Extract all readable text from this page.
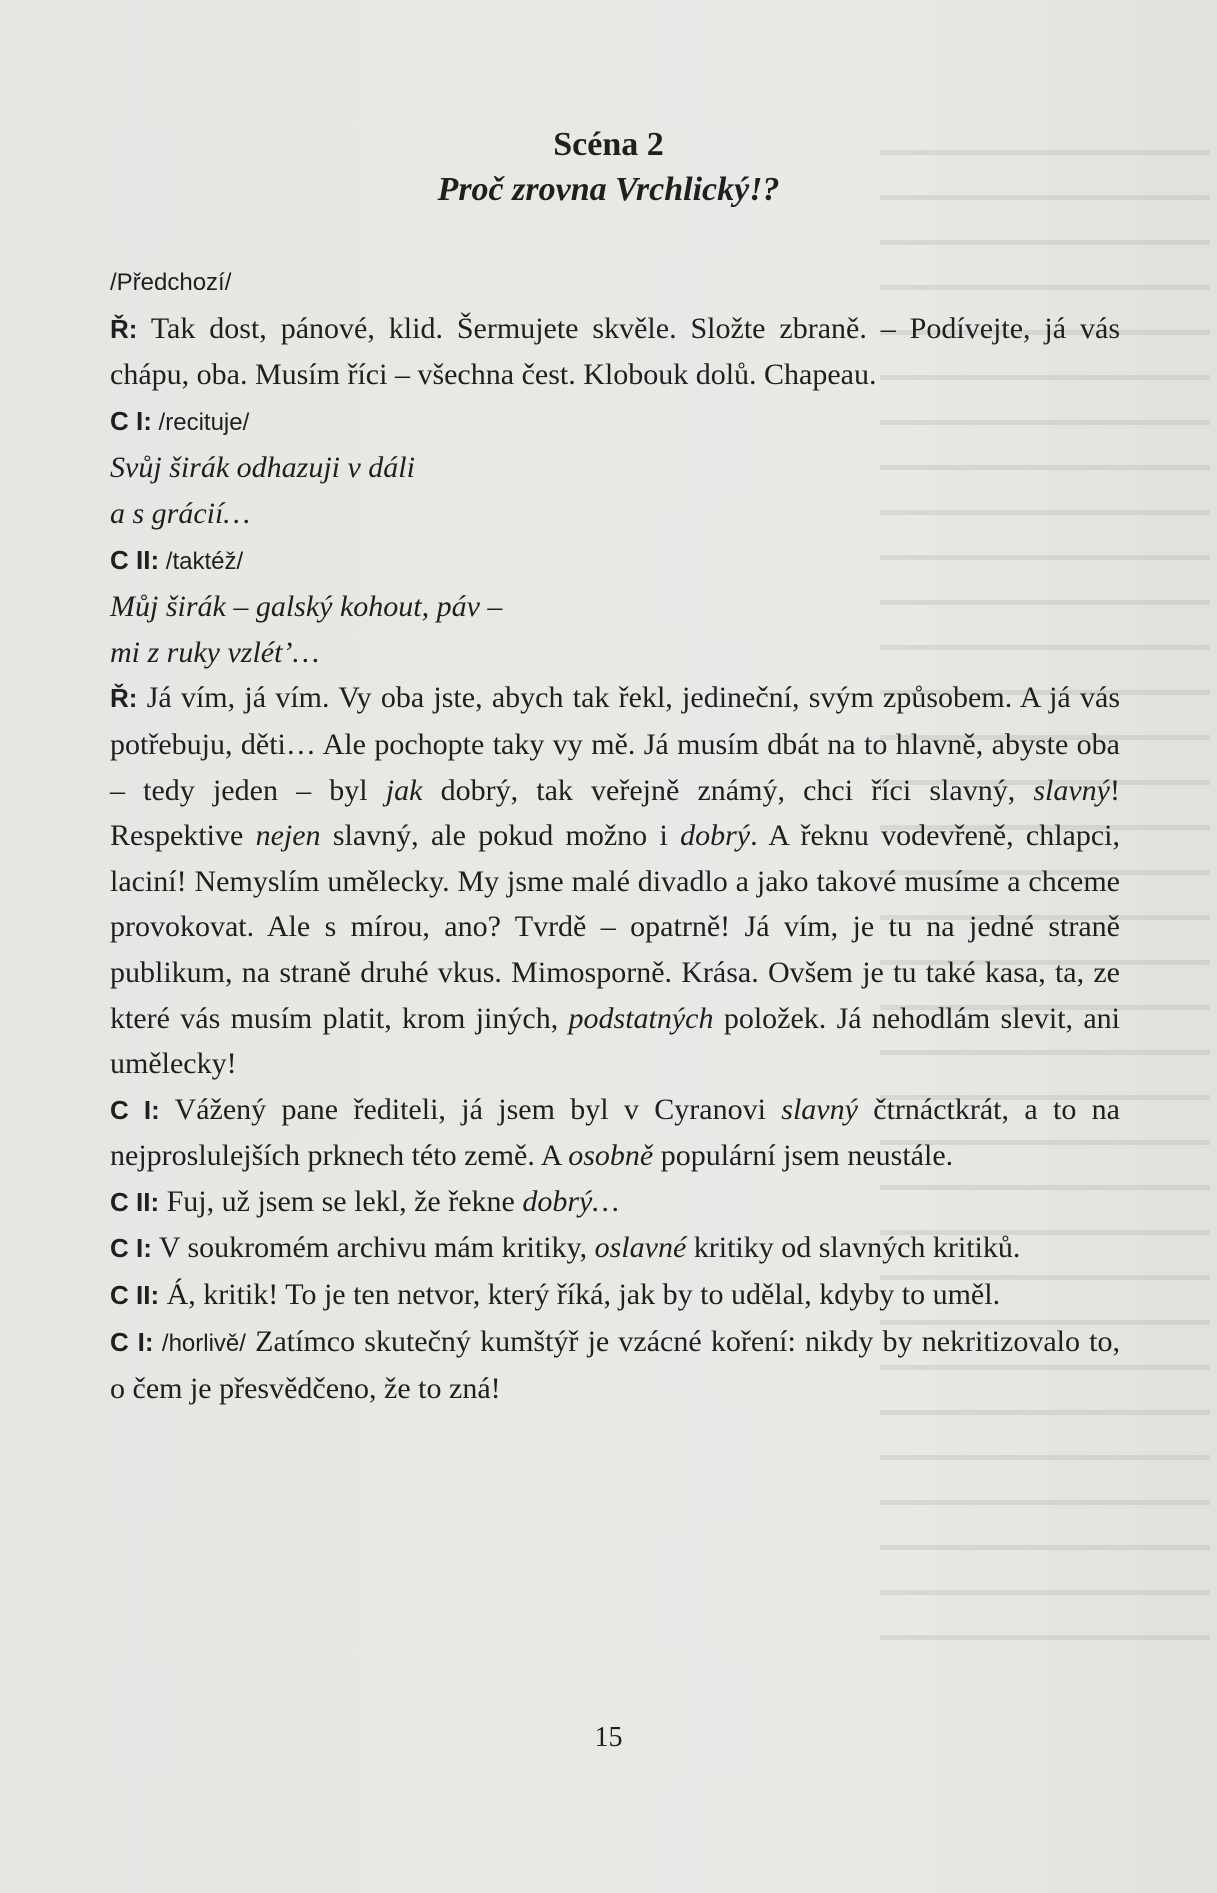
Scéna 2
Proč zrovna Vrchlický!?

/Předchozí/

Ř: Tak dost, pánové, klid. Šermujete skvěle. Složte zbraně. – Podívejte, já vás chápu, oba. Musím říci – všechna čest. Klobouk dolů. Chapeau.

C I: /recituje/

Svůj širák odhazuji v dáli

a s grácií…

C II: /taktéž/

Můj širák – galský kohout, páv –

mi z ruky vzlét’…

Ř: Já vím, já vím. Vy oba jste, abych tak řekl, jedineční, svým způsobem. A já vás potřebuju, děti… Ale pochopte taky vy mě. Já musím dbát na to hlavně, abyste oba – tedy jeden – byl jak dobrý, tak veřejně známý, chci říci slavný, slavný! Respektive nejen slavný, ale pokud možno i dobrý. A řeknu vodevřeně, chlapci, laciní! Nemyslím umělecky. My jsme malé divadlo a jako takové musíme a chceme provokovat. Ale s mírou, ano? Tvrdě – opatrně! Já vím, je tu na jedné straně publikum, na straně druhé vkus. Mimosporně. Krása. Ovšem je tu také kasa, ta, ze které vás musím platit, krom jiných, podstatných položek. Já nehodlám slevit, ani umělecky!

C I: Vážený pane řediteli, já jsem byl v Cyranovi slavný čtrnáctkrát, a to na nejproslulejších prknech této země. A osobně populární jsem neustále.

C II: Fuj, už jsem se lekl, že řekne dobrý…

C I: V soukromém archivu mám kritiky, oslavné kritiky od slavných kritiků.

C II: Á, kritik! To je ten netvor, který říká, jak by to udělal, kdyby to uměl.

C I: /horlivě/ Zatímco skutečný kumštýř je vzácné koření: nikdy by nekritizovalo to, o čem je přesvědčeno, že to zná!

15
